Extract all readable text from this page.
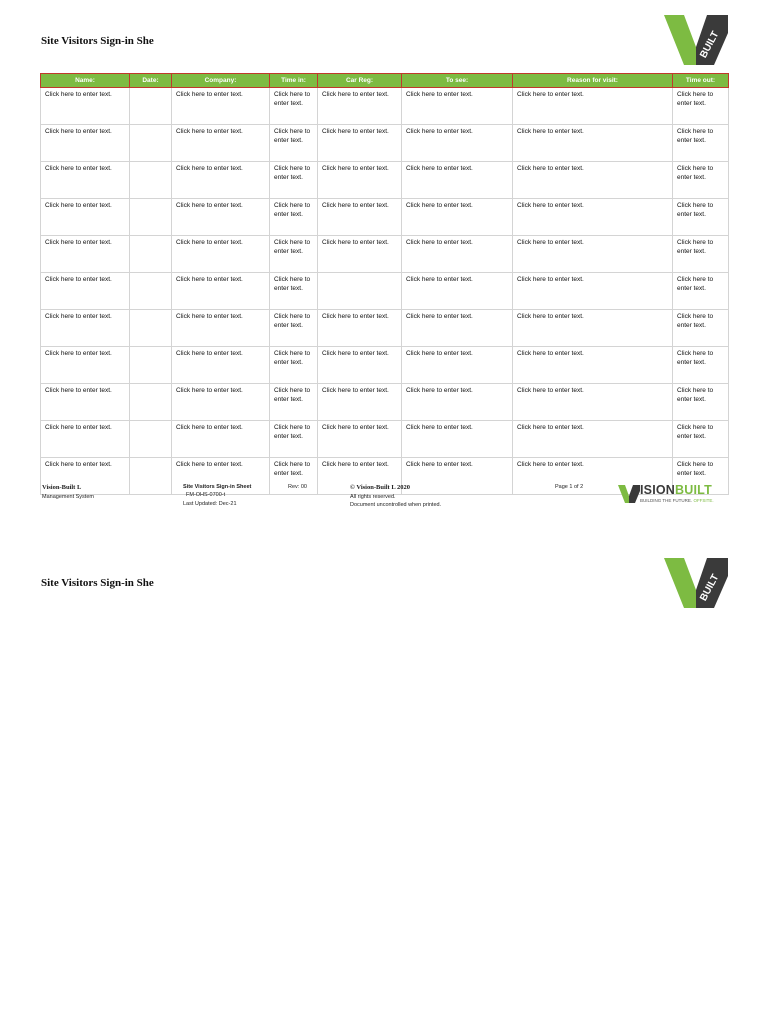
Site Visitors Sign-in She	BUILT
Name:	Date:	Company:	Time in:	Car Reg:	To see:	Reason for visit:	Time out:
Click here to enter text.		Click here to enter text.	Click here to enter text.	Click here to enter text.	Click here to enter text.	Click here to enter text.	Click here to enter text.
Click here to enter text.		Click here to enter text.	Click here to enter text.	Click here to enter text.	Click here to enter text.	Click here to enter text.	Click here to enter text.
Click here to enter text.		Click here to enter text.	Click here to enter text.	Click here to enter text.	Click here to enter text.	Click here to enter text.	Click here to enter text.
Click here to enter text.		Click here to enter text.	Click here to enter text.	Click here to enter text.	Click here to enter text.	Click here to enter text.	Click here to enter text.
Click here to enter text.		Click here to enter text.	Click here to enter text.	Click here to enter text.	Click here to enter text.	Click here to enter text.	Click here to enter text.
Click here to enter text.		Click here to enter text.	Click here to enter text.		Click here to enter text.	Click here to enter text.	Click here to enter text.
Click here to enter text.		Click here to enter text.	Click here to enter text.	Click here to enter text.	Click here to enter text.	Click here to enter text.	Click here to enter text.
Click here to enter text.		Click here to enter text.	Click here to enter text.	Click here to enter text.	Click here to enter text.	Click here to enter text.	Click here to enter text.
Click here to enter text.		Click here to enter text.	Click here to enter text.	Click here to enter text.	Click here to enter text.	Click here to enter text.	Click here to enter text.
Click here to enter text.		Click here to enter text.	Click here to enter text.	Click here to enter text.	Click here to enter text.	Click here to enter text.	Click here to enter text.
Click here to enter text.		Click here to enter text.	Click here to enter text.	Click here to enter text.	Click here to enter text.	Click here to enter text.	Click here to enter text.
Vision-Built L
Management System
Site Visitors Sign-in Sheet
FM-OHS-0700-t
Last Updated: Dec-21
Rev: 00	© Vision-Built L 2020
All rights reserved.
Document uncontrolled when printed.
Page 1 of 2	ISIONBUILT
BUILDING THE FUTURE. OFFSITE.
Site Visitors Sign-in She	BUILT
